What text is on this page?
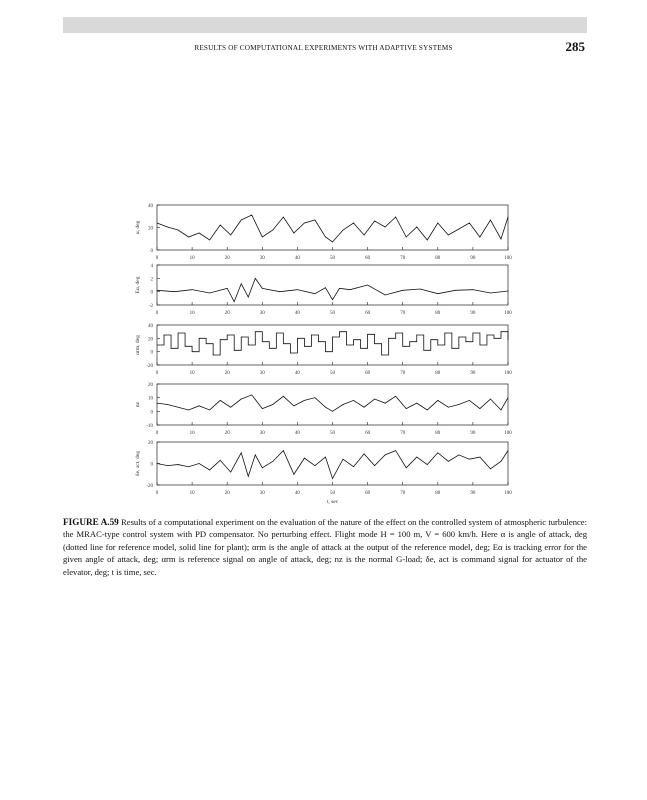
RESULTS OF COMPUTATIONAL EXPERIMENTS WITH ADAPTIVE SYSTEMS	285
40
20
0
0	10	20	30	40	50	60	70	80	90	100
α, deg
4
2
0
-2
0	10	20	30	40	50	60	70	80	90	100
Eα, deg
40
20
0
-20
0	10	20	30	40	50	60	70	80	90	100
αrm, deg
20
10
0
-10
0	10	20	30	40	50	60	70	80	90	100
nz
20
0
-20
0	10	20	30	40	50	60	70	80	90	100
δe, act, deg
t, sec
FIGURE A.59 Results of a computational experiment on the evaluation of the nature of the effect on the controlled system of atmospheric turbulence: the MRAC-type control system with PD compensator. No perturbing effect. Flight mode H = 100 m, V = 600 km/h. Here α is angle of attack, deg (dotted line for reference model, solid line for plant); αrm is the angle of attack at the output of the reference model, deg; Eα is tracking error for the given angle of attack, deg; αrm is reference signal on angle of attack, deg; nz is the normal G-load; δe, act is command signal for actuator of the elevator, deg; t is time, sec.
